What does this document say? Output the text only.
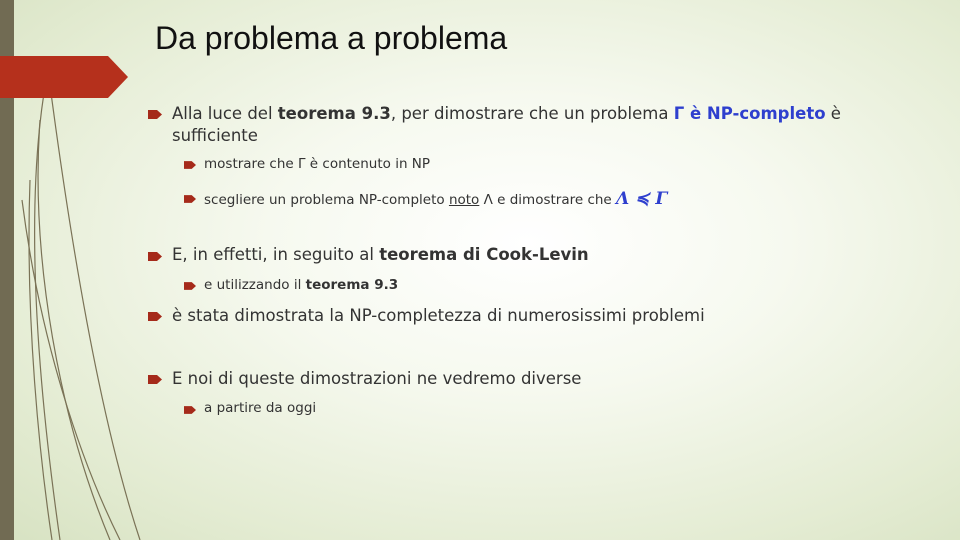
Da problema a problema
Alla luce del teorema 9.3, per dimostrare che un problema Γ è NP-completo è
sufficiente
mostrare che Γ è contenuto in NP
scegliere un problema NP-completo noto Λ e dimostrare che Λ ≼ Γ
E, in effetti, in seguito al teorema di Cook-Levin
e utilizzando il teorema 9.3
è stata dimostrata la NP-completezza di numerosissimi problemi
E noi di queste dimostrazioni ne vedremo diverse
a partire da oggi
